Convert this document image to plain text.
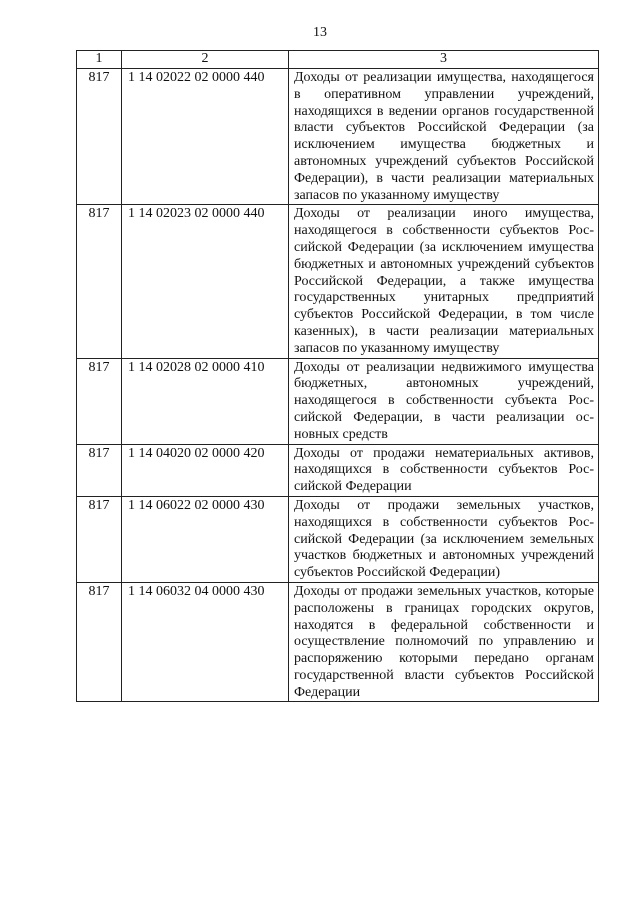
13
1	2	3
817	1 14 02022 02 0000 440	Доходы от реализации имущества, находящегося в оперативном управлении учреждений, находящихся в ведении органов государственной власти субъектов Российской Федерации (за исключением имущества бюджетных и автономных учреждений субъектов Российской Федерации), в части реализации материальных запасов по указанному имуществу
817	1 14 02023 02 0000 440	Доходы от реализации иного имущества, находящегося в собственности субъектов Российской Федерации (за исключением имущества бюджетных и автономных учреждений субъектов Российской Федерации, а также имущества государственных унитарных предприятий субъектов Российской Федерации, в том числе казенных), в части реализации материальных запасов по указанному имуществу
817	1 14 02028 02 0000 410	Доходы от реализации недвижимого имущества бюджетных, автономных учреждений, находящегося в собственности субъекта Российской Федерации, в части реализации основных средств
817	1 14 04020 02 0000 420	Доходы от продажи нематериальных активов, находящихся в собственности субъектов Российской Федерации
817	1 14 06022 02 0000 430	Доходы от продажи земельных участков, находящихся в собственности субъектов Российской Федерации (за исключением земельных участков бюджетных и автономных учреждений субъектов Российской Федерации)
817	1 14 06032 04 0000 430	Доходы от продажи земельных участков, которые расположены в границах городских округов, находятся в федеральной собственности и осуществление полномочий по управлению и распоряжению которыми передано органам государственной власти субъектов Российской Федерации
